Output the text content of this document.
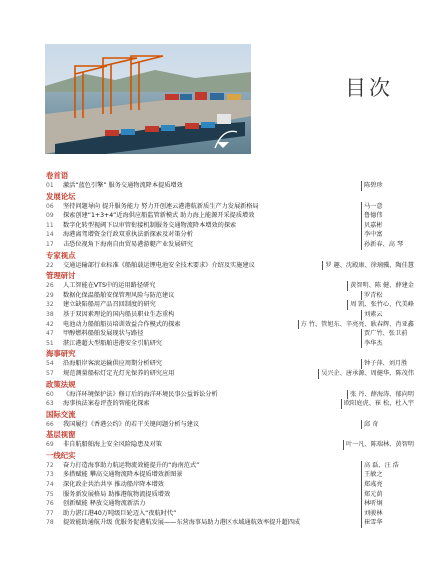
目次
卷首语
01	激活“蓝色引擎” 服务交通物流降本提质增效	陈碧珍
发展论坛
06	坚持问题导向 提升服务能力 努力开创連云港港航新质生产力发展新格局	马一意
09	探索创建“1+3+4”近海供应船监管新模式 助力海上能源开采提质增效	鲁德伟
11	数字化转型视阈下以审管衔接机制服务交通物流降本增效的探索	贝嘉彬
14	海港离驾增资金行政双重执法新探索及对策分析	李中富
17	击恐位视角下海南自由贸易港游艇产业发展研究	孙新春、高 琴
专家视点
22	交通运输部行业标准《船舶载运锂电池安全技术要求》介绍及实施建议	罗 趣、沈殿康、徐璃骥、陶佳慧
管理研讨
26	人工智能在VTS中的运用路径研究	黄智明、陈 健、薛建金
29	数据化保温船舶安保管理风险与防范建议	罗青松
32	建立缺陷船用产品召回制度的研究	周 凯、张竹心、代美峰
38	基于双因素理论的国内船员职业生态重构	刘素云
42	电池动力船舶船员培训效益合作模式的探索	方 竹、管旭东、辛亮亮、耿春辉、肖亚鑫
47	甲醇燃料船舶发展现状与路径	贾广竹、张卫前
51	湛江港超大型船舶进港安全引航研究	李华杰
海事研究
54	沿海船岸客滚运输供应周期分析研究	钟子萍、刘月胜
57	规范测量船标灯定光灯光保养的研究应用	吴兴企、唐承源、周健华、陈茂伟
政策法规
60	《海洋环境保护法》修订后的海洋环境民事公益诉讼分析	张 丹、薛海涛、郁向明
63	海事执法案卷评查的智能化探索	欧阳庭虎、崔 松、杜入宇
国际交流
66	我国履行《香港公约》的若干关键问题分析与建议	邱 奇
基层视窗
69	非自航船舶海上安全风险隐患及对策	叶一凡、陈瑞林、黄智明
一线纪实
72	奋力打造海事助力航运物流效能提升的“海南范式”	高 磊、汪 浩
73	多措赋能 攀高交通物流降本提质增效新图景	王敏之
74	深化政企共治共享 推动船岸降本增效	郑彧亮
75	服务新发展格局 助推港航物流提质增效	郑元荫
76	创新赋能 释放交通物流新活力	林听炯
77	助力湛江港40万吨级巨轮迈入“夜航时代”	刘骏林
78	提效能助通航升级 优服务促港航发展——东营海事局助力港区水域通航效率提升超四成	崔雪华
